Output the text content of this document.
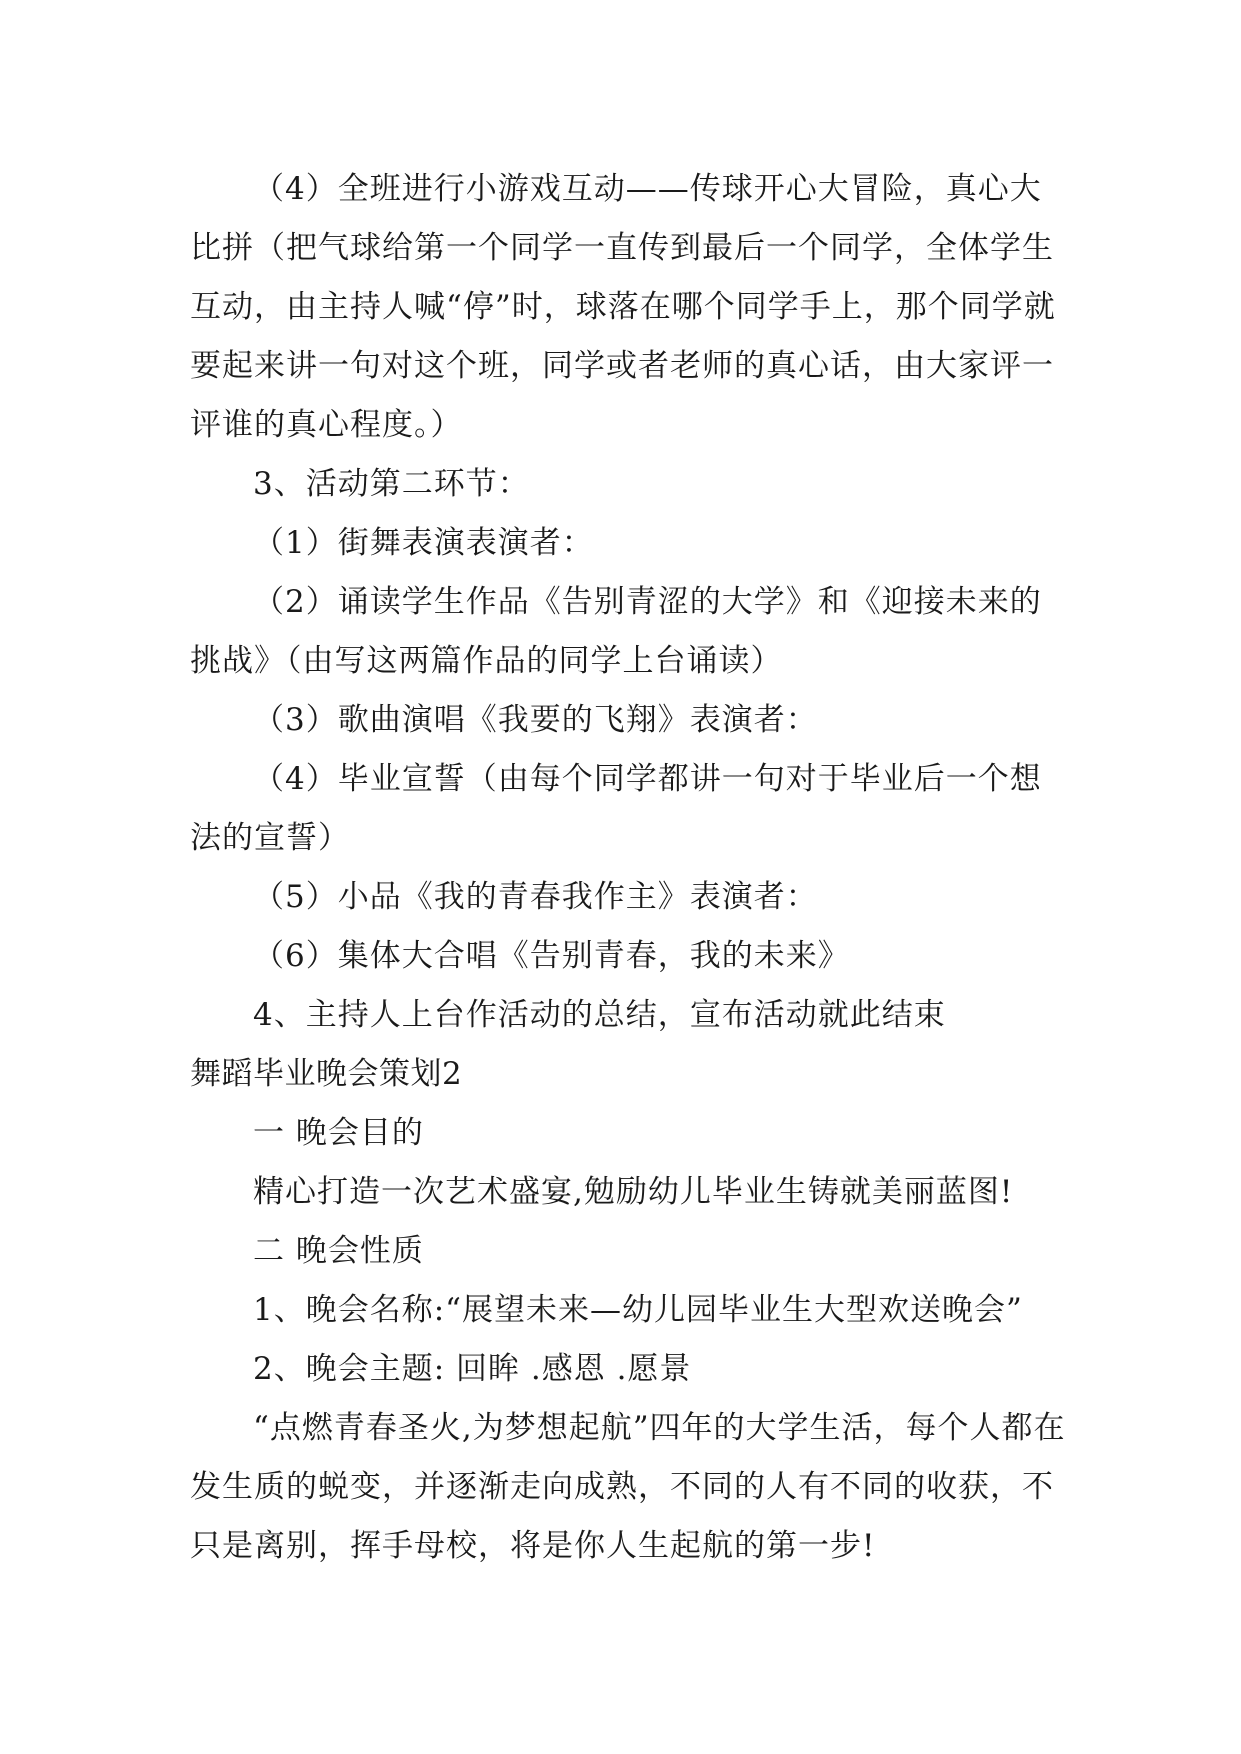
（4）全班进行小游戏互动——传球开心大冒险，真心大比拼（把气球给第一个同学一直传到最后一个同学，全体学生互动，由主持人喊“停”时，球落在哪个同学手上，那个同学就要起来讲一句对这个班，同学或者老师的真心话，由大家评一评谁的真心程度。）

3、活动第二环节：

（1）街舞表演表演者：

（2）诵读学生作品《告别青涩的大学》和《迎接未来的挑战》（由写这两篇作品的同学上台诵读）

（3）歌曲演唱《我要的飞翔》表演者：

（4）毕业宣誓（由每个同学都讲一句对于毕业后一个想法的宣誓）

（5）小品《我的青春我作主》表演者：

（6）集体大合唱《告别青春，我的未来》

4、主持人上台作活动的总结，宣布活动就此结束

舞蹈毕业晚会策划2

一 晚会目的

精心打造一次艺术盛宴,勉励幼儿毕业生铸就美丽蓝图!

二 晚会性质

1、晚会名称:“展望未来—幼儿园毕业生大型欢送晚会”

2、晚会主题: 回眸 .感恩 .愿景

“点燃青春圣火,为梦想起航”四年的大学生活，每个人都在发生质的蜕变，并逐渐走向成熟，不同的人有不同的收获，不只是离别，挥手母校，将是你人生起航的第一步!
